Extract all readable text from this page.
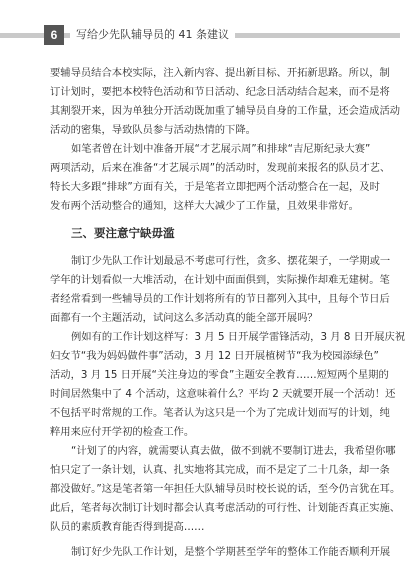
6	写给少先队辅导员的 41 条建议
要辅导员结合本校实际，注入新内容、提出新目标、开拓新思路。所以，制
订计划时，要把本校特色活动和节日活动、纪念日活动结合起来，而不是将
其割裂开来，因为单独分开活动既加重了辅导员自身的工作量，还会造成活动
活动的密集，导致队员参与活动热情的下降。
如笔者曾在计划中准备开展“才艺展示周”和排球“吉尼斯纪录大赛”
两项活动，后来在准备“才艺展示周”的活动时，发现前来报名的队员才艺、
特长大多跟“排球”方面有关，于是笔者立即把两个活动整合在一起，及时
发布两个活动整合的通知，这样大大减少了工作量，且效果非常好。
三、要注意宁缺毋滥
制订少先队工作计划最忌不考虑可行性，贪多、摆花架子，一学期或一
学年的计划看似一大堆活动，在计划中面面俱到，实际操作却难无建树。笔
者经常看到一些辅导员的工作计划将所有的节日都列入其中，且每个节日后
面都有一个主题活动，试问这么多活动真的能全部开展吗？
例如有的工作计划这样写：3 月 5 日开展学雷锋活动，3 月 8 日开展庆祝
妇女节“我为妈妈做件事”活动，3 月 12 日开展植树节“我为校园添绿色”
活动，3 月 15 日开展“关注身边的零食”主题安全教育……短短两个星期的
时间居然集中了 4 个活动，这意味着什么？平均 2 天就要开展一个活动！还
不包括平时常规的工作。笔者认为这只是一个为了完成计划而写的计划，纯
粹用来应付开学初的检查工作。
“计划了的内容，就需要认真去做，做不到就不要制订进去，我希望你哪
怕只定了一条计划，认真、扎实地将其完成，而不是定了二十几条，却一条
都没做好。”这是笔者第一年担任大队辅导员时校长说的话，至今仍言犹在耳。
此后，笔者每次制订计划时都会认真考虑活动的可行性、计划能否真正实施、
队员的素质教育能否得到提高……
制订好少先队工作计划，是整个学期甚至学年的整体工作能否顺利开展
